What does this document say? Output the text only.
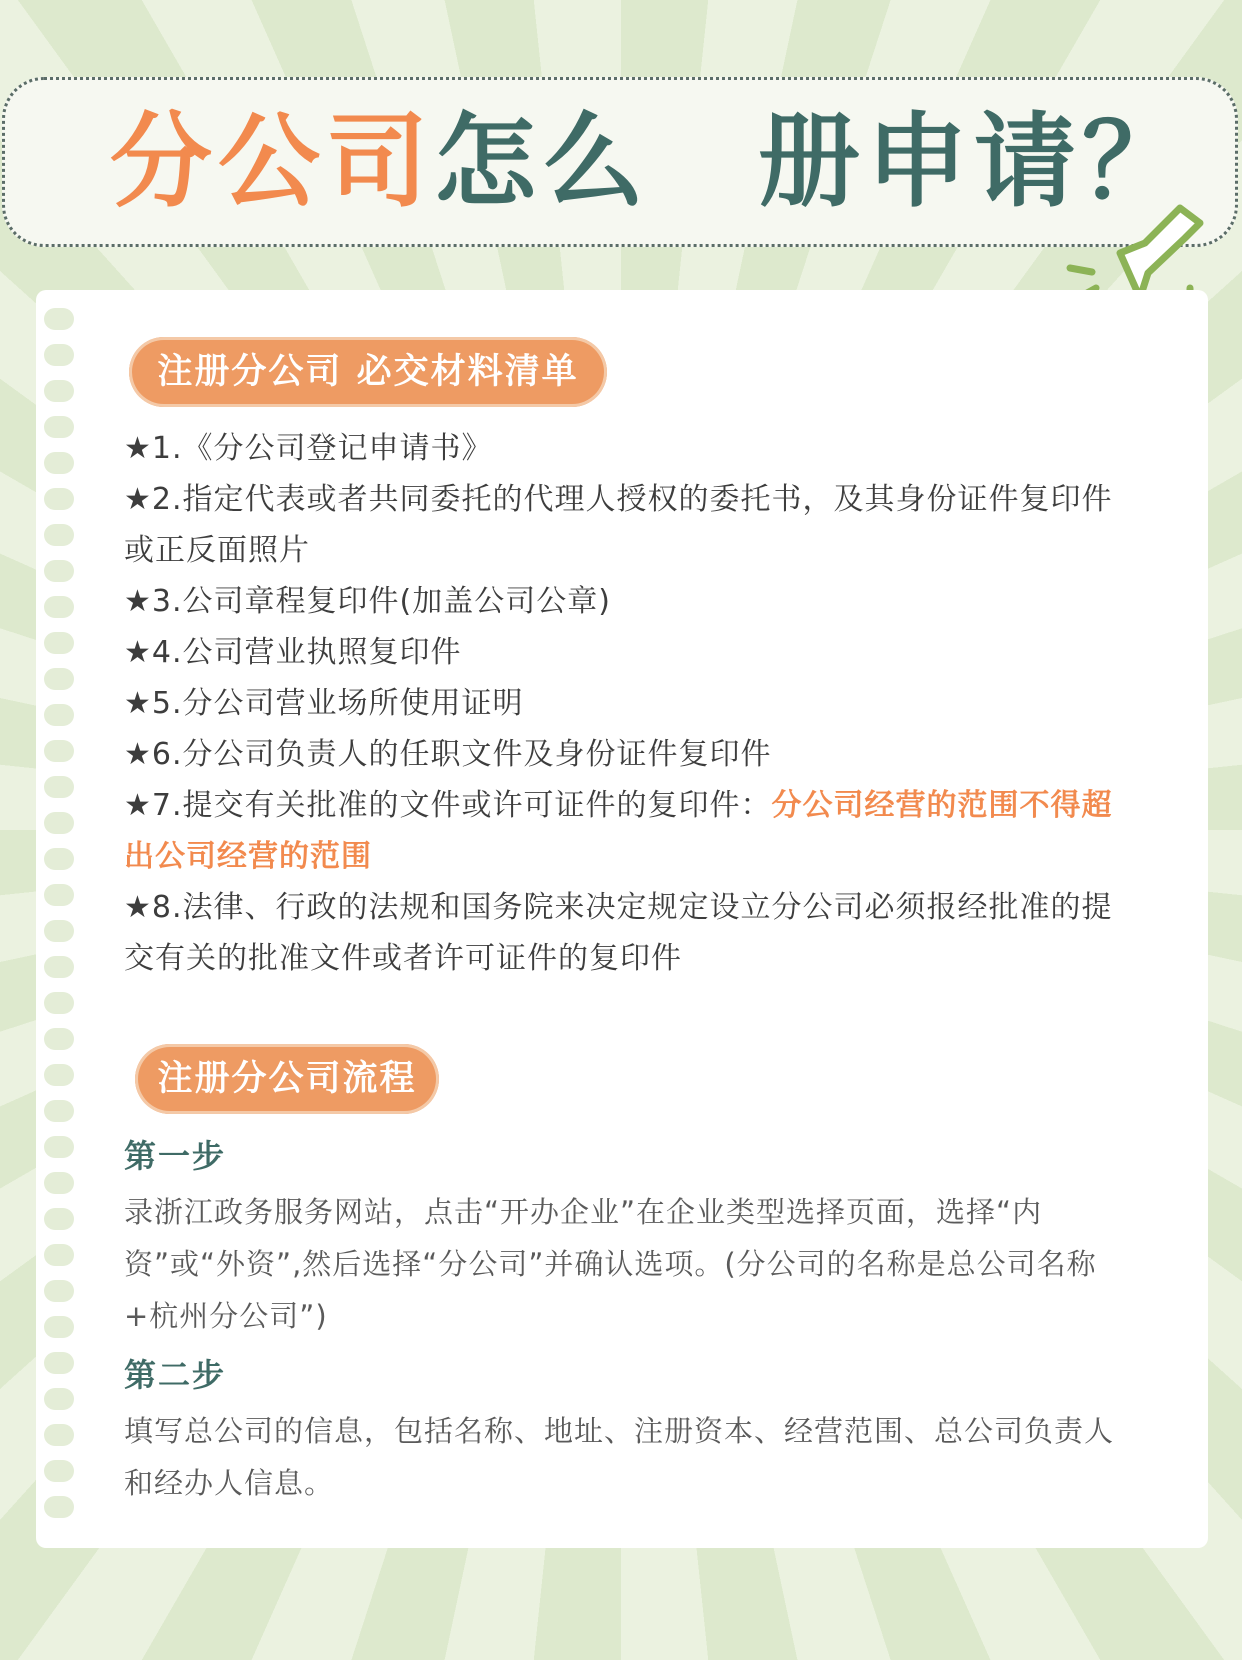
分公司怎么注册申请？
注册分公司 必交材料清单

★1.《分公司登记申请书》

★2.指定代表或者共同委托的代理人授权的委托书，及其身份证件复印件或正反面照片

★3.公司章程复印件(加盖公司公章)

★4.公司营业执照复印件

★5.分公司营业场所使用证明

★6.分公司负责人的任职文件及身份证件复印件

★7.提交有关批准的文件或许可证件的复印件：分公司经营的范围不得超出公司经营的范围

★8.法律、行政的法规和国务院来决定规定设立分公司必须报经批准的提交有关的批准文件或者许可证件的复印件

注册分公司流程
第一步
录浙江政务服务网站，点击“开办企业”在企业类型选择页面，选择“内资”或“外资”,然后选择“分公司”并确认选项。(分公司的名称是总公司名称+杭州分公司”)
第二步
填写总公司的信息，包括名称、地址、注册资本、经营范围、总公司负责人和经办人信息。
